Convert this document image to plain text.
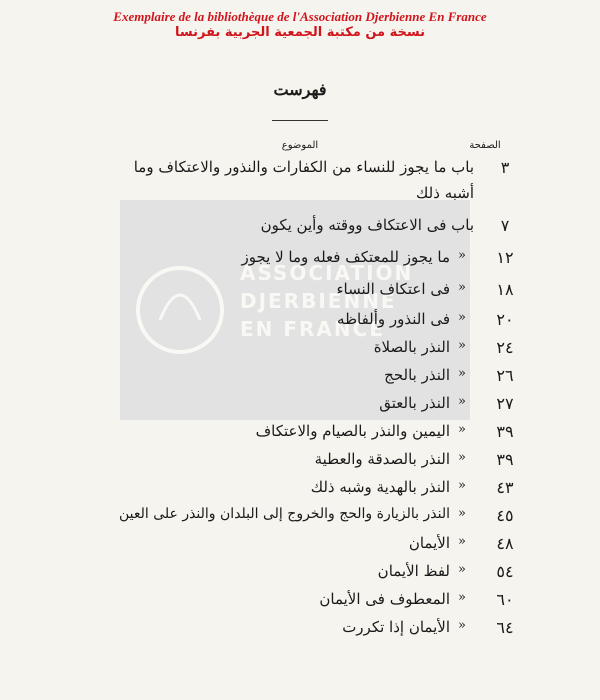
Exemplaire de la bibliothèque de l'Association Djerbienne En France
نسخة من مكتبة الجمعية الجربية بفرنسا
ASSOCIATION
DJERBIENNE
EN FRANCE
فهرست
الصفحة
الموضوع
٣
باب ما يجوز للنساء من الكفارات والنذور والاعتكاف وما
أشبه ذلك
٧
باب فى الاعتكاف ووقته وأين يكون
١٢
»
ما يجوز للمعتكف فعله وما لا يجوز
١٨
»
فى اعتكاف النساء
٢٠
»
فى النذور وألفاظه
٢٤
»
النذر بالصلاة
٢٦
»
النذر بالحج
٢٧
»
النذر بالعتق
٣٩
»
اليمين والنذر بالصيام والاعتكاف
٣٩
»
النذر بالصدقة والعطية
٤٣
»
النذر بالهدية وشبه ذلك
٤٥
»
النذر بالزيارة والحج والخروج إلى البلدان والنذر على العين
٤٨
»
الأيمان
٥٤
»
لفظ الأيمان
٦٠
»
المعطوف فى الأيمان
٦٤
»
الأيمان إذا تكررت
